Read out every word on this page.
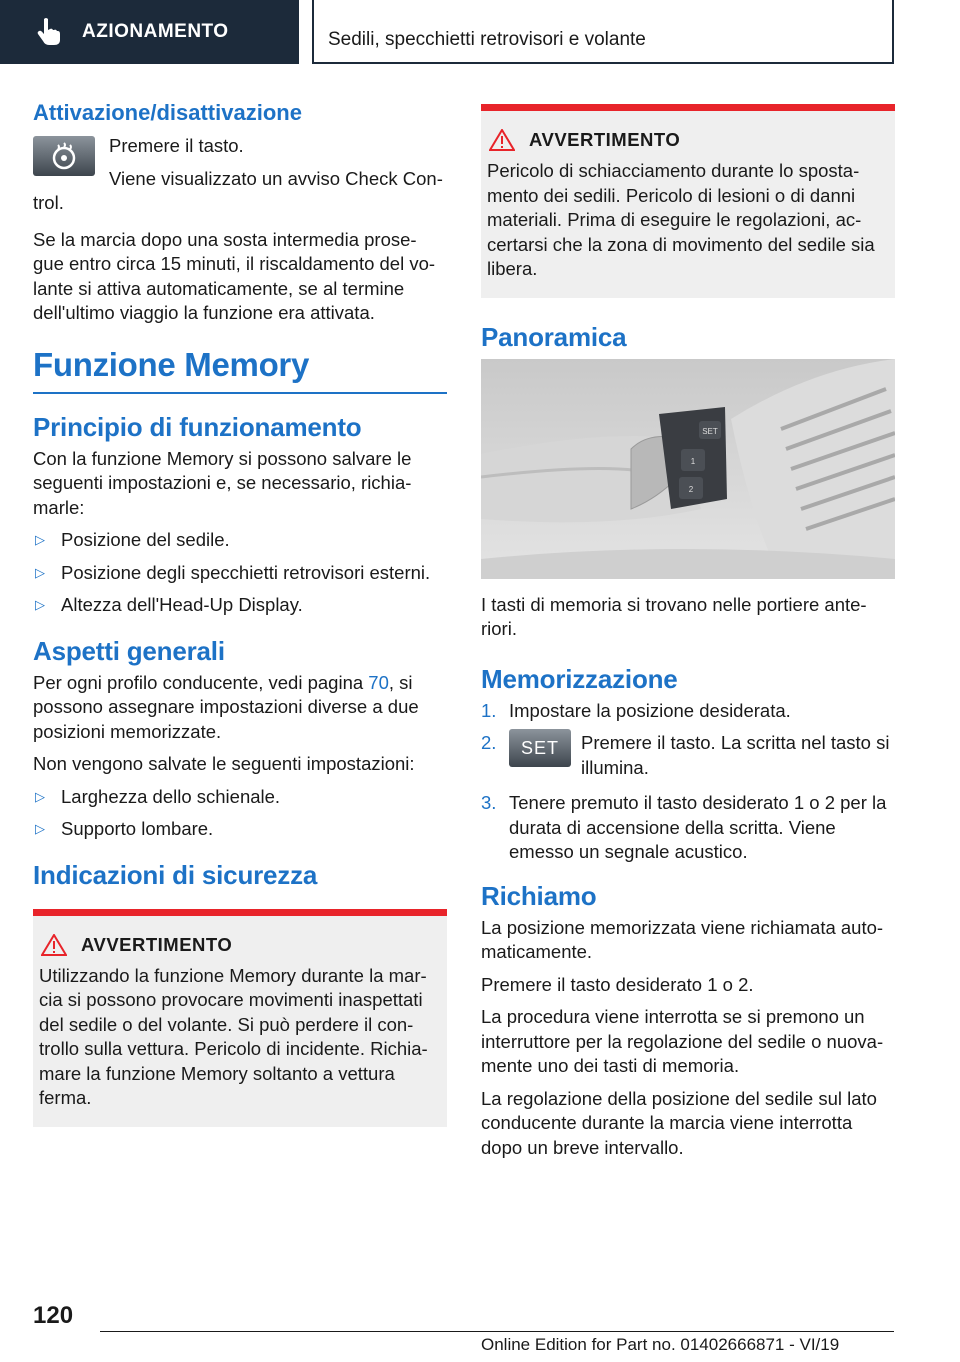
AZIONAMENTO	Sedili, specchietti retrovisori e volante
Attivazione/disattivazione

Premere il tasto.

Viene visualizzato un avviso Check Con-trol.

Se la marcia dopo una sosta intermedia prose-gue entro circa 15 minuti, il riscaldamento del vo-lante si attiva automaticamente, se al termine dell'ultimo viaggio la funzione era attivata.

Funzione Memory
Principio di funzionamento

Con la funzione Memory si possono salvare le seguenti impostazioni e, se necessario, richia-marle:

▷ Posizione del sedile.
▷ Posizione degli specchietti retrovisori esterni.
▷ Altezza dell'Head-Up Display.
Aspetti generali

Per ogni profilo conducente, vedi pagina 70, si possono assegnare impostazioni diverse a due posizioni memorizzate.

Non vengono salvate le seguenti impostazioni:

▷ Larghezza dello schienale.
▷ Supporto lombare.
Indicazioni di sicurezza
AVVERTIMENTO

Utilizzando la funzione Memory durante la mar-cia si possono provocare movimenti inaspettati del sedile o del volante. Si può perdere il con-trollo sulla vettura. Pericolo di incidente. Richia-mare la funzione Memory soltanto a vettura ferma.

AVVERTIMENTO

Pericolo di schiacciamento durante lo sposta-mento dei sedili. Pericolo di lesioni o di danni materiali. Prima di eseguire le regolazioni, ac-certarsi che la zona di movimento del sedile sia libera.

Panoramica
SET
1
2

I tasti di memoria si trovano nelle portiere ante-riori.

Memorizzazione
1. Impostare la posizione desiderata.
2.	SET	Premere il tasto. La scritta nel tasto si illumina.
3. Tenere premuto il tasto desiderato 1 o 2 per la durata di accensione della scritta. Viene emesso un segnale acustico.
Richiamo

La posizione memorizzata viene richiamata auto-maticamente.

Premere il tasto desiderato 1 o 2.

La procedura viene interrotta se si premono un interruttore per la regolazione del sedile o nuova-mente uno dei tasti di memoria.

La regolazione della posizione del sedile sul lato conducente durante la marcia viene interrotta dopo un breve intervallo.

120
Online Edition for Part no. 01402666871 - VI/19
